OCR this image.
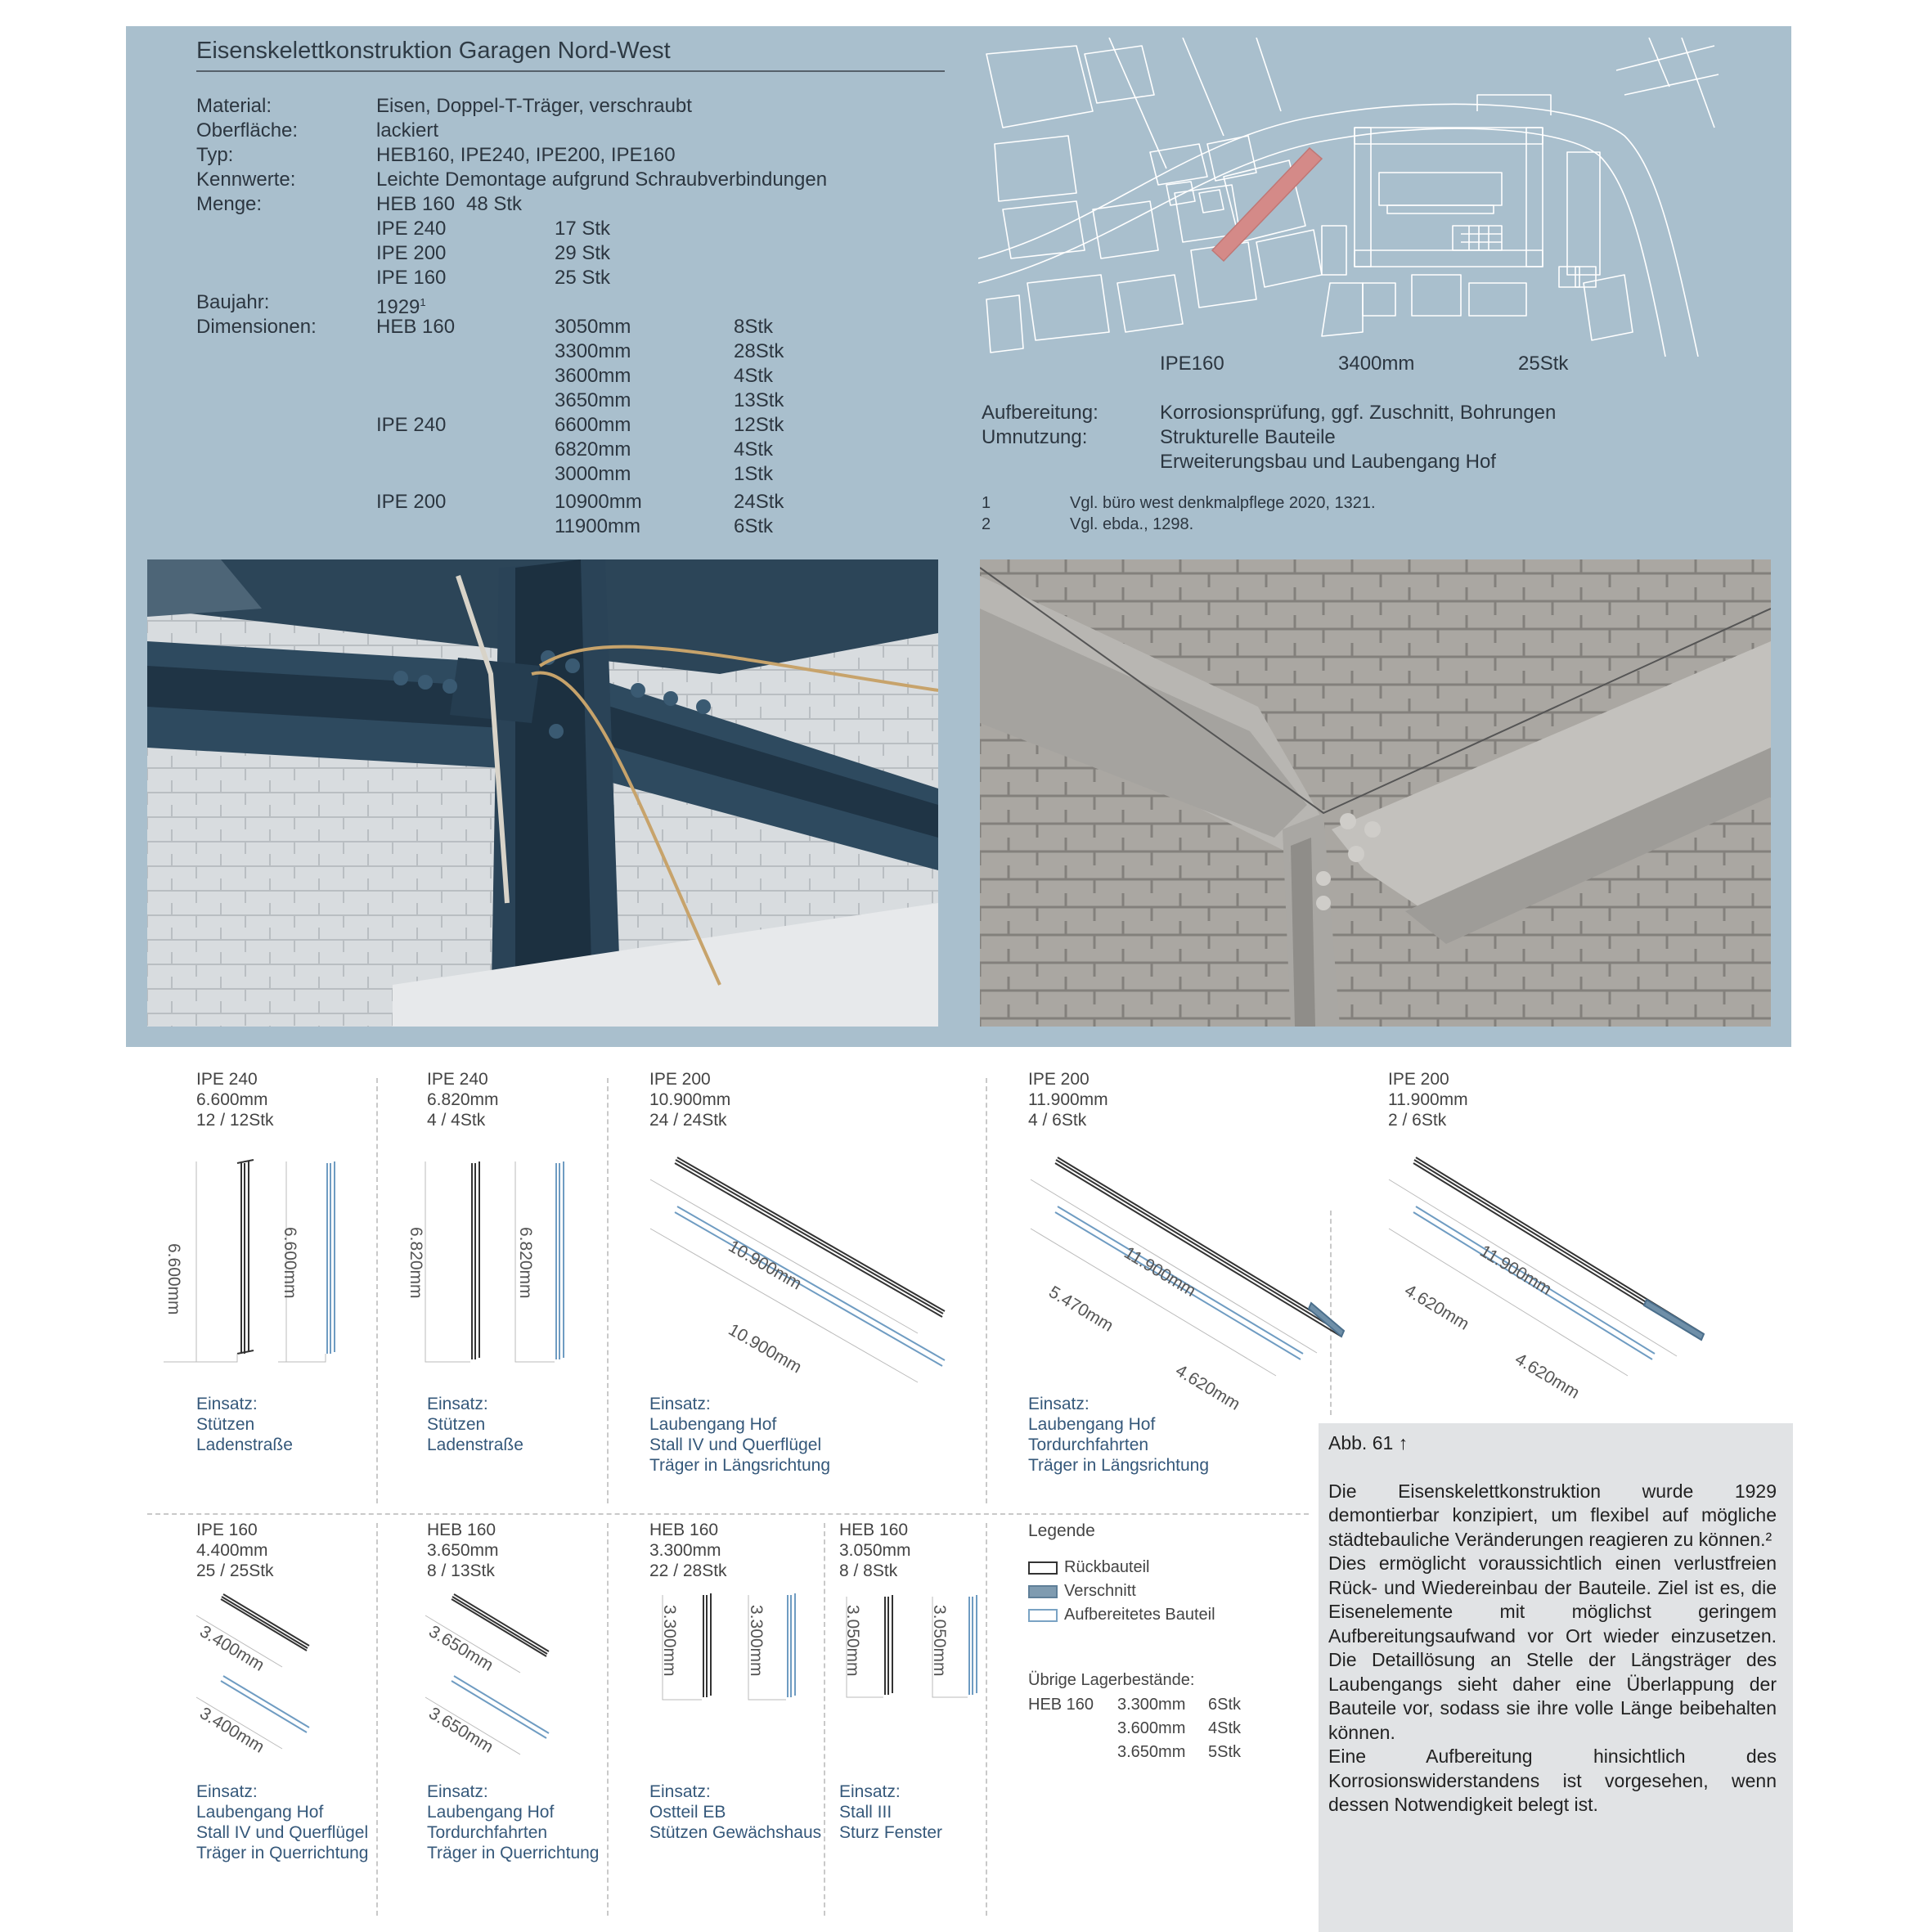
Eisenskelettkonstruktion Garagen Nord-West
Material:	Eisen, Doppel-T-Träger, verschraubt
Oberfläche:	lackiert
Typ:	HEB160, IPE240, IPE200, IPE160
Kennwerte:	Leichte Demontage aufgrund Schraubverbindungen
Menge:	HEB 160 48 Stk
IPE 240	17 Stk
IPE 200	29 Stk
IPE 160	25 Stk
Baujahr:	1929$^1$
Dimensionen:	HEB 160	3050mm	8Stk
3300mm	28Stk
3600mm	4Stk
3650mm	13Stk
IPE 240	6600mm	12Stk
6820mm	4Stk
3000mm	1Stk
IPE 200	10900mm	24Stk
11900mm	6Stk
IPE160	3400mm	25Stk
Aufbereitung:	Korrosionsprüfung, ggf. Zuschnitt, Bohrungen
Umnutzung:	Strukturelle Bauteile
Erweiterungsbau und Laubengang Hof
1	Vgl. büro west denkmalpflege 2020, 1321.
2	Vgl. ebda., 1298.
IPE 240
6.600mm
12 / 12Stk
IPE 240
6.820mm
4 / 4Stk
IPE 200
10.900mm
24 / 24Stk
IPE 200
11.900mm
4 / 6Stk
IPE 200
11.900mm
2 / 6Stk
6.600mm	6.600mm	6.820mm	6.820mm	10.900mm
10.900mm
11.900mm
5.470mm
4.620mm
11.900mm
4.620mm
4.620mm
Einsatz:
Stützen
Ladenstraße
Einsatz:
Stützen
Ladenstraße
Einsatz:
Laubengang Hof
Stall IV und Querflügel
Träger in Längsrichtung
Einsatz:
Laubengang Hof
Tordurchfahrten
Träger in Längsrichtung
IPE 160
4.400mm
25 / 25Stk
HEB 160
3.650mm
8 / 13Stk
HEB 160
3.300mm
22 / 28Stk
HEB 160
3.050mm
8 / 8Stk
3.400mm
3.400mm
3.650mm
3.650mm
3.300mm	3.300mm	3.050mm	3.050mm
Einsatz:
Laubengang Hof
Stall IV und Querflügel
Träger in Querrichtung
Einsatz:
Laubengang Hof
Tordurchfahrten
Träger in Querrichtung
Einsatz:
Ostteil EB
Stützen Gewächshaus
Einsatz:
Stall III
Sturz Fenster
Legende
Rückbauteil
Verschnitt
Aufbereitetes Bauteil
Übrige Lagerbestände:
HEB 160 3.300mm 6Stk
3.600mm 4Stk
3.650mm 5Stk
Abb. 61 ↑
Die Eisenskelettkonstruktion wurde 1929 demontierbar konzipiert, um flexibel auf mögliche städtebauliche Veränderungen reagieren zu können.²
Dies ermöglicht voraussichtlich einen verlustfreien Rück- und Wiedereinbau der Bauteile. Ziel ist es, die Eisenelemente mit möglichst geringem Aufbereitungsaufwand vor Ort wieder einzusetzen. Die Detaillösung an Stelle der Längsträger des Laubengangs sieht daher eine Überlappung der Bauteile vor, sodass sie ihre volle Länge beibehalten können.
Eine Aufbereitung hinsichtlich des Korrosionswiderstandens ist vorgesehen, wenn dessen Notwendigkeit belegt ist.
